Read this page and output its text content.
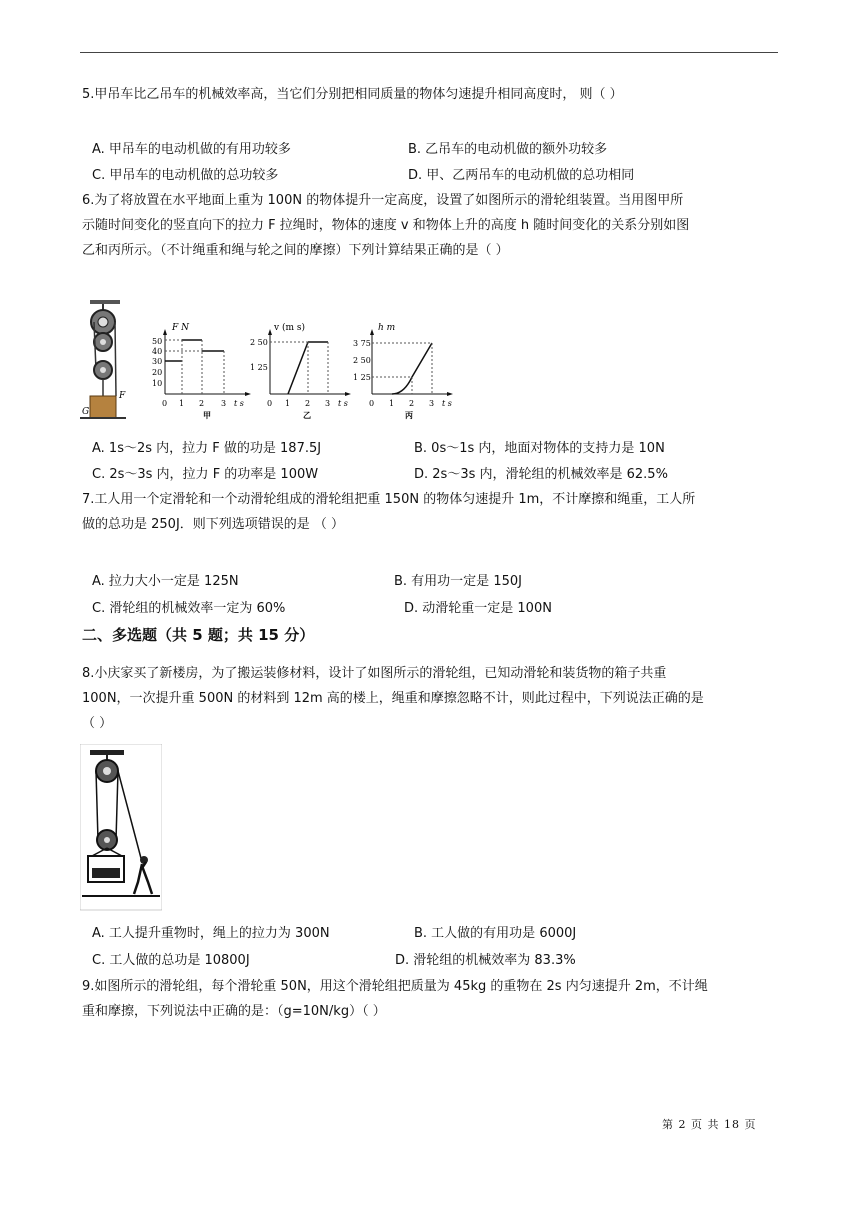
5.甲吊车比乙吊车的机械效率高，当它们分别把相同质量的物体匀速提升相同高度时， 则（ ）
A. 甲吊车的电动机做的有用功较多	B. 乙吊车的电动机做的额外功较多
C. 甲吊车的电动机做的总功较多	D. 甲、乙两吊车的电动机做的总功相同
6.为了将放置在水平地面上重为 100N 的物体提升一定高度，设置了如图所示的滑轮组装置。当用图甲所
示随时间变化的竖直向下的拉力 F 拉绳时，物体的速度 v 和物体上升的高度 h 随时间变化的关系分别如图
乙和丙所示。（不计绳重和绳与轮之间的摩擦）下列计算结果正确的是（ ）
G
F
F N
50
40
30
20
10
0 1 2 3 t s
甲
v (m s)
2 50
1 25
0 1 2 3 t s
乙
h m
3 75
2 50
1 25
0 1 2 3 t s
丙
A. 1s～2s 内，拉力 F 做的功是 187.5J	B. 0s～1s 内，地面对物体的支持力是 10N
C. 2s～3s 内，拉力 F 的功率是 100W	D. 2s～3s 内，滑轮组的机械效率是 62.5%
7.工人用一个定滑轮和一个动滑轮组成的滑轮组把重 150N 的物体匀速提升 1m，不计摩擦和绳重，工人所
做的总功是 250J．则下列选项错误的是 （ ）
A. 拉力大小一定是 125N	B. 有用功一定是 150J
C. 滑轮组的机械效率一定为 60%	D. 动滑轮重一定是 100N
二、多选题（共 5 题；共 15 分）
8.小庆家买了新楼房，为了搬运装修材料，设计了如图所示的滑轮组，已知动滑轮和装货物的箱子共重
100N，一次提升重 500N 的材料到 12m 高的楼上，绳重和摩擦忽略不计，则此过程中，下列说法正确的是
（ ）
A. 工人提升重物时，绳上的拉力为 300N	B. 工人做的有用功是 6000J
C. 工人做的总功是 10800J	D. 滑轮组的机械效率为 83.3%
9.如图所示的滑轮组，每个滑轮重 50N，用这个滑轮组把质量为 45kg 的重物在 2s 内匀速提升 2m，不计绳
重和摩擦，下列说法中正确的是：（g=10N/kg）（ ）
第 2 页 共 18 页
